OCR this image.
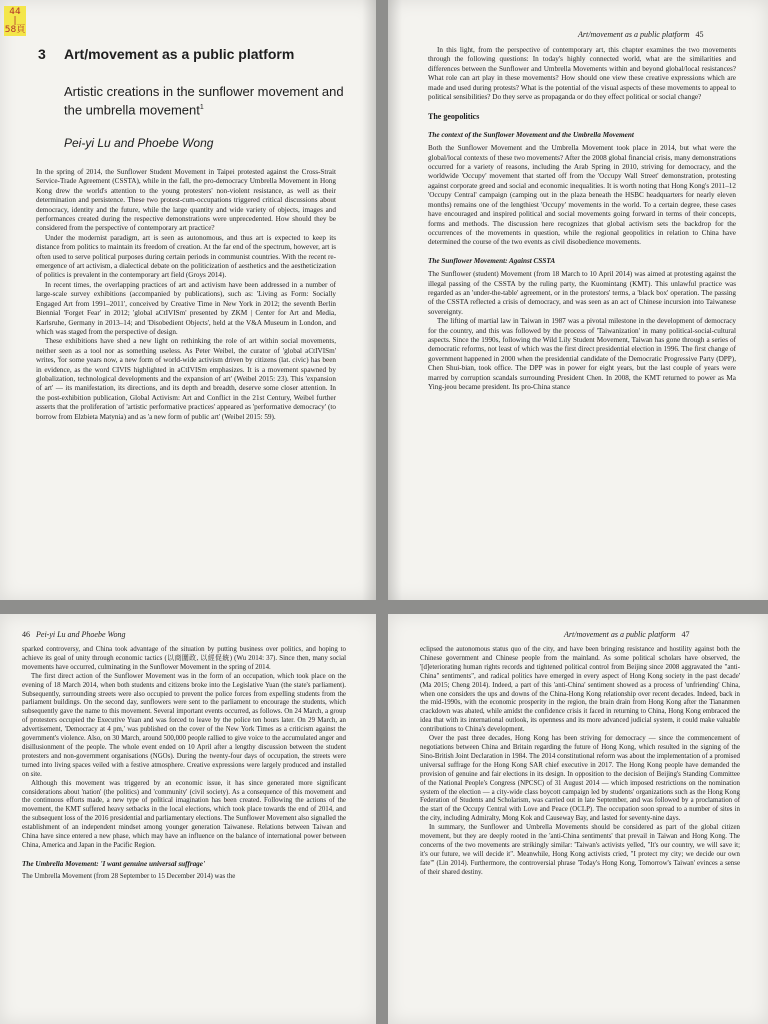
44
|
58頁
3 Art/movement as a public platform
Artistic creations in the sunflower movement and the umbrella movement$^1$
Pei-yi Lu and Phoebe Wong

In the spring of 2014, the Sunflower Student Movement in Taipei protested against the Cross-Strait Service-Trade Agreement (CSSTA), while in the fall, the pro-democracy Umbrella Movement in Hong Kong drew the world's attention to the young protesters' non-violent resistance, as well as their determination and persistence. These two protest-cum-occupations triggered critical discussions about democracy, identity and the future, while the large quantity and wide variety of objects, images and performances created during the respective demonstrations were unprecedented. How should they be considered from the perspective of contemporary art practice?

Under the modernist paradigm, art is seen as autonomous, and thus art is expected to keep its distance from politics to maintain its freedom of creation. At the far end of the spectrum, however, art is often used to serve political purposes during certain periods in communist countries. With the recent re-emergence of art activism, a dialectical debate on the politicization of aesthetics and the aestheticization of politics is prevalent in the contemporary art field (Groys 2014).

In recent times, the overlapping practices of art and activism have been addressed in a number of large-scale survey exhibitions (accompanied by publications), such as: 'Living as Form: Socially Engaged Art from 1991–2011', conceived by Creative Time in New York in 2012; the seventh Berlin Biennial 'Forget Fear' in 2012; 'global aCtIVISm' presented by ZKM | Center for Art and Media, Karlsruhe, Germany in 2013–14; and 'Disobedient Objects', held at the V&A Museum in London, and which was staged from the perspective of design.

These exhibitions have shed a new light on rethinking the role of art within social movements, neither seen as a tool nor as something useless. As Peter Weibel, the curator of 'global aCtIVISm' writes, 'for some years now, a new form of world-wide activism driven by citizens (lat. civic) has been in evidence, as the word CIVIS highlighted in aCtIVISm emphasizes. It is a movement spawned by globalization, technological developments and the expansion of art' (Weibel 2015: 23). This 'expansion of art' — its manifestation, its directions, and its depth and breadth, deserve some closer attention. In the post-exhibition publication, Global Activism: Art and Conflict in the 21st Century, Weibel further asserts that the proliferation of 'artistic performative practices' appeared as 'performative democracy' (to borrow from Elzbieta Matynia) and as 'a new form of public art' (Weibel 2015: 59).

Art/movement as a public platform 45

In this light, from the perspective of contemporary art, this chapter examines the two movements through the following questions: In today's highly connected world, what are the similarities and differences between the Sunflower and Umbrella Movements within and beyond global/local resistances? What role can art play in these movements? How should one view these creative expressions which are made and used during protests? What is the potential of the visual aspects of these movements to appeal to political sensibilities? Do they serve as propaganda or do they effect political or social change?

The geopolitics
The context of the Sunflower Movement and the Umbrella Movement

Both the Sunflower Movement and the Umbrella Movement took place in 2014, but what were the global/local contexts of these two movements? After the 2008 global financial crisis, many demonstrations occurred for a variety of reasons, including the Arab Spring in 2010, striving for democracy, and the worldwide 'Occupy' movement that started off from the 'Occupy Wall Street' demonstration, protesting against corporate greed and social and economic inequalities. It is worth noting that Hong Kong's 2011–12 'Occupy Central' campaign (camping out in the plaza beneath the HSBC headquarters for nearly eleven months) remains one of the lengthiest 'Occupy' movements in the world. To a certain degree, these cases have encouraged and inspired political and social movements going forward in terms of their concepts, forms and methods. The discussion here recognizes that global activism sets the backdrop for the occurrences of the movements in question, while the regional geopolitics in relation to China have determined the course of the two events as civil disobedience movements.

The Sunflower Movement: Against CSSTA

The Sunflower (student) Movement (from 18 March to 10 April 2014) was aimed at protesting against the illegal passing of the CSSTA by the ruling party, the Kuomintang (KMT). This unlawful practice was regarded as an 'under-the-table' agreement, or in the protestors' terms, a 'black box' operation. The passing of the CSSTA reflected a crisis of democracy, and was seen as an act of Chinese incursion into Taiwanese sovereignty.

The lifting of martial law in Taiwan in 1987 was a pivotal milestone in the development of democracy for the country, and this was followed by the process of 'Taiwanization' in many political-social-cultural aspects. Since the 1990s, following the Wild Lily Student Movement, Taiwan has gone through a series of democratic reforms, not least of which was the first direct presidential election in 1996. The first change of government happened in 2000 when the presidential candidate of the Democratic Progressive Party (DPP), Chen Shui-bian, took office. The DPP was in power for eight years, but the last couple of years were marred by corruption scandals surrounding President Chen. In 2008, the KMT returned to power as Ma Ying-jeou became president. Its pro-China stance

46 Pei-yi Lu and Phoebe Wong

sparked controversy, and China took advantage of the situation by putting business over politics, and hoping to achieve its goal of unity through economic tactics (以商圍政, 以經促統) (Wu 2014: 37). Since then, many social movements have occurred, culminating in the Sunflower Movement in the spring of 2014.

The first direct action of the Sunflower Movement was in the form of an occupation, which took place on the evening of 18 March 2014, when both students and citizens broke into the Legislative Yuan (the state's parliament). Subsequently, surrounding streets were also occupied to prevent the police forces from expelling students from the parliament buildings. On the second day, sunflowers were sent to the parliament to encourage the students, which subsequently gave the name to this movement. Several important events occurred, as follows. On 24 March, a group of protesters occupied the Executive Yuan and was forced to leave by the police ten hours later. On 29 March, an advertisement, 'Democracy at 4 pm,' was published on the cover of the New York Times as a criticism against the government's violence. Also, on 30 March, around 500,000 people rallied to give voice to the accumulated anger and disillusionment of the people. The whole event ended on 10 April after a lengthy discussion between the student protesters and non-government organisations (NGOs). During the twenty-four days of occupation, the streets were turned into living spaces veiled with a festive atmosphere. Creative expressions were largely produced and installed on site.

Although this movement was triggered by an economic issue, it has since generated more significant considerations about 'nation' (the politics) and 'community' (civil society). As a consequence of this movement and the continuous efforts made, a new type of political imagination has been created. Following the actions of the movement, the KMT suffered heavy setbacks in the local elections, which took place towards the end of 2014, and the subsequent loss of the 2016 presidential and parliamentary elections. The Sunflower Movement also signalled the establishment of an independent mindset among younger generation Taiwanese. Relations between Taiwan and China have since entered a new phase, which may have an influence on the balance of international power between China, America and Japan in the Pacific Region.

The Umbrella Movement: 'I want genuine universal suffrage'

The Umbrella Movement (from 28 September to 15 December 2014) was the

Art/movement as a public platform 47

eclipsed the autonomous status quo of the city, and have been bringing resistance and hostility against both the Chinese government and Chinese people from the mainland. As some political scholars have observed, the '[d]eteriorating human rights records and tightened political control from Beijing since 2008 aggravated the "anti-China" sentiments", and radical politics have emerged in every aspect of Hong Kong society in the past decade' (Ma 2015; Cheng 2014). Indeed, a part of this 'anti-China' sentiment showed as a process of 'unfriending' China, when one considers the ups and downs of the China-Hong Kong relationship over recent decades. Indeed, back in the mid-1990s, with the economic prosperity in the region, the brain drain from Hong Kong after the Tiananmen crackdown was abated, while amidst the confidence crisis it faced in returning to China, Hong Kong embraced the idea that with its international outlook, its openness and its more advanced judicial system, it could make valuable contributions to China's development.

Over the past three decades, Hong Kong has been striving for democracy — since the commencement of negotiations between China and Britain regarding the future of Hong Kong, which resulted in the signing of the Sino-British Joint Declaration in 1984. The 2014 constitutional reform was about the implementation of a promised universal suffrage for the Hong Kong SAR chief executive in 2017. The Hong Kong people have demanded the provision of genuine and fair elections in its design. In opposition to the decision of Beijing's Standing Committee of the National People's Congress (NPCSC) of 31 August 2014 — which imposed restrictions on the nomination system of the election — a city-wide class boycott campaign led by students' organizations such as the Hong Kong Federation of Students and Scholarism, was carried out in late September, and was followed by a proclamation of the start of the Occupy Central with Love and Peace (OCLP). The occupation soon spread to a number of sites in the city, including Admiralty, Mong Kok and Causeway Bay, and lasted for seventy-nine days.

In summary, the Sunflower and Umbrella Movements should be considered as part of the global citizen movement, but they are deeply rooted in the 'anti-China sentiments' that prevail in Taiwan and Hong Kong. The concerns of the two movements are strikingly similar: 'Taiwan's activists yelled, "It's our country, we will save it; it's our future, we will decide it". Meanwhile, Hong Kong activists cried, "I protect my city; we decide our own fate"' (Lin 2014). Furthermore, the controversial phrase 'Today's Hong Kong, Tomorrow's Taiwan' evinces a sense of their shared destiny.
